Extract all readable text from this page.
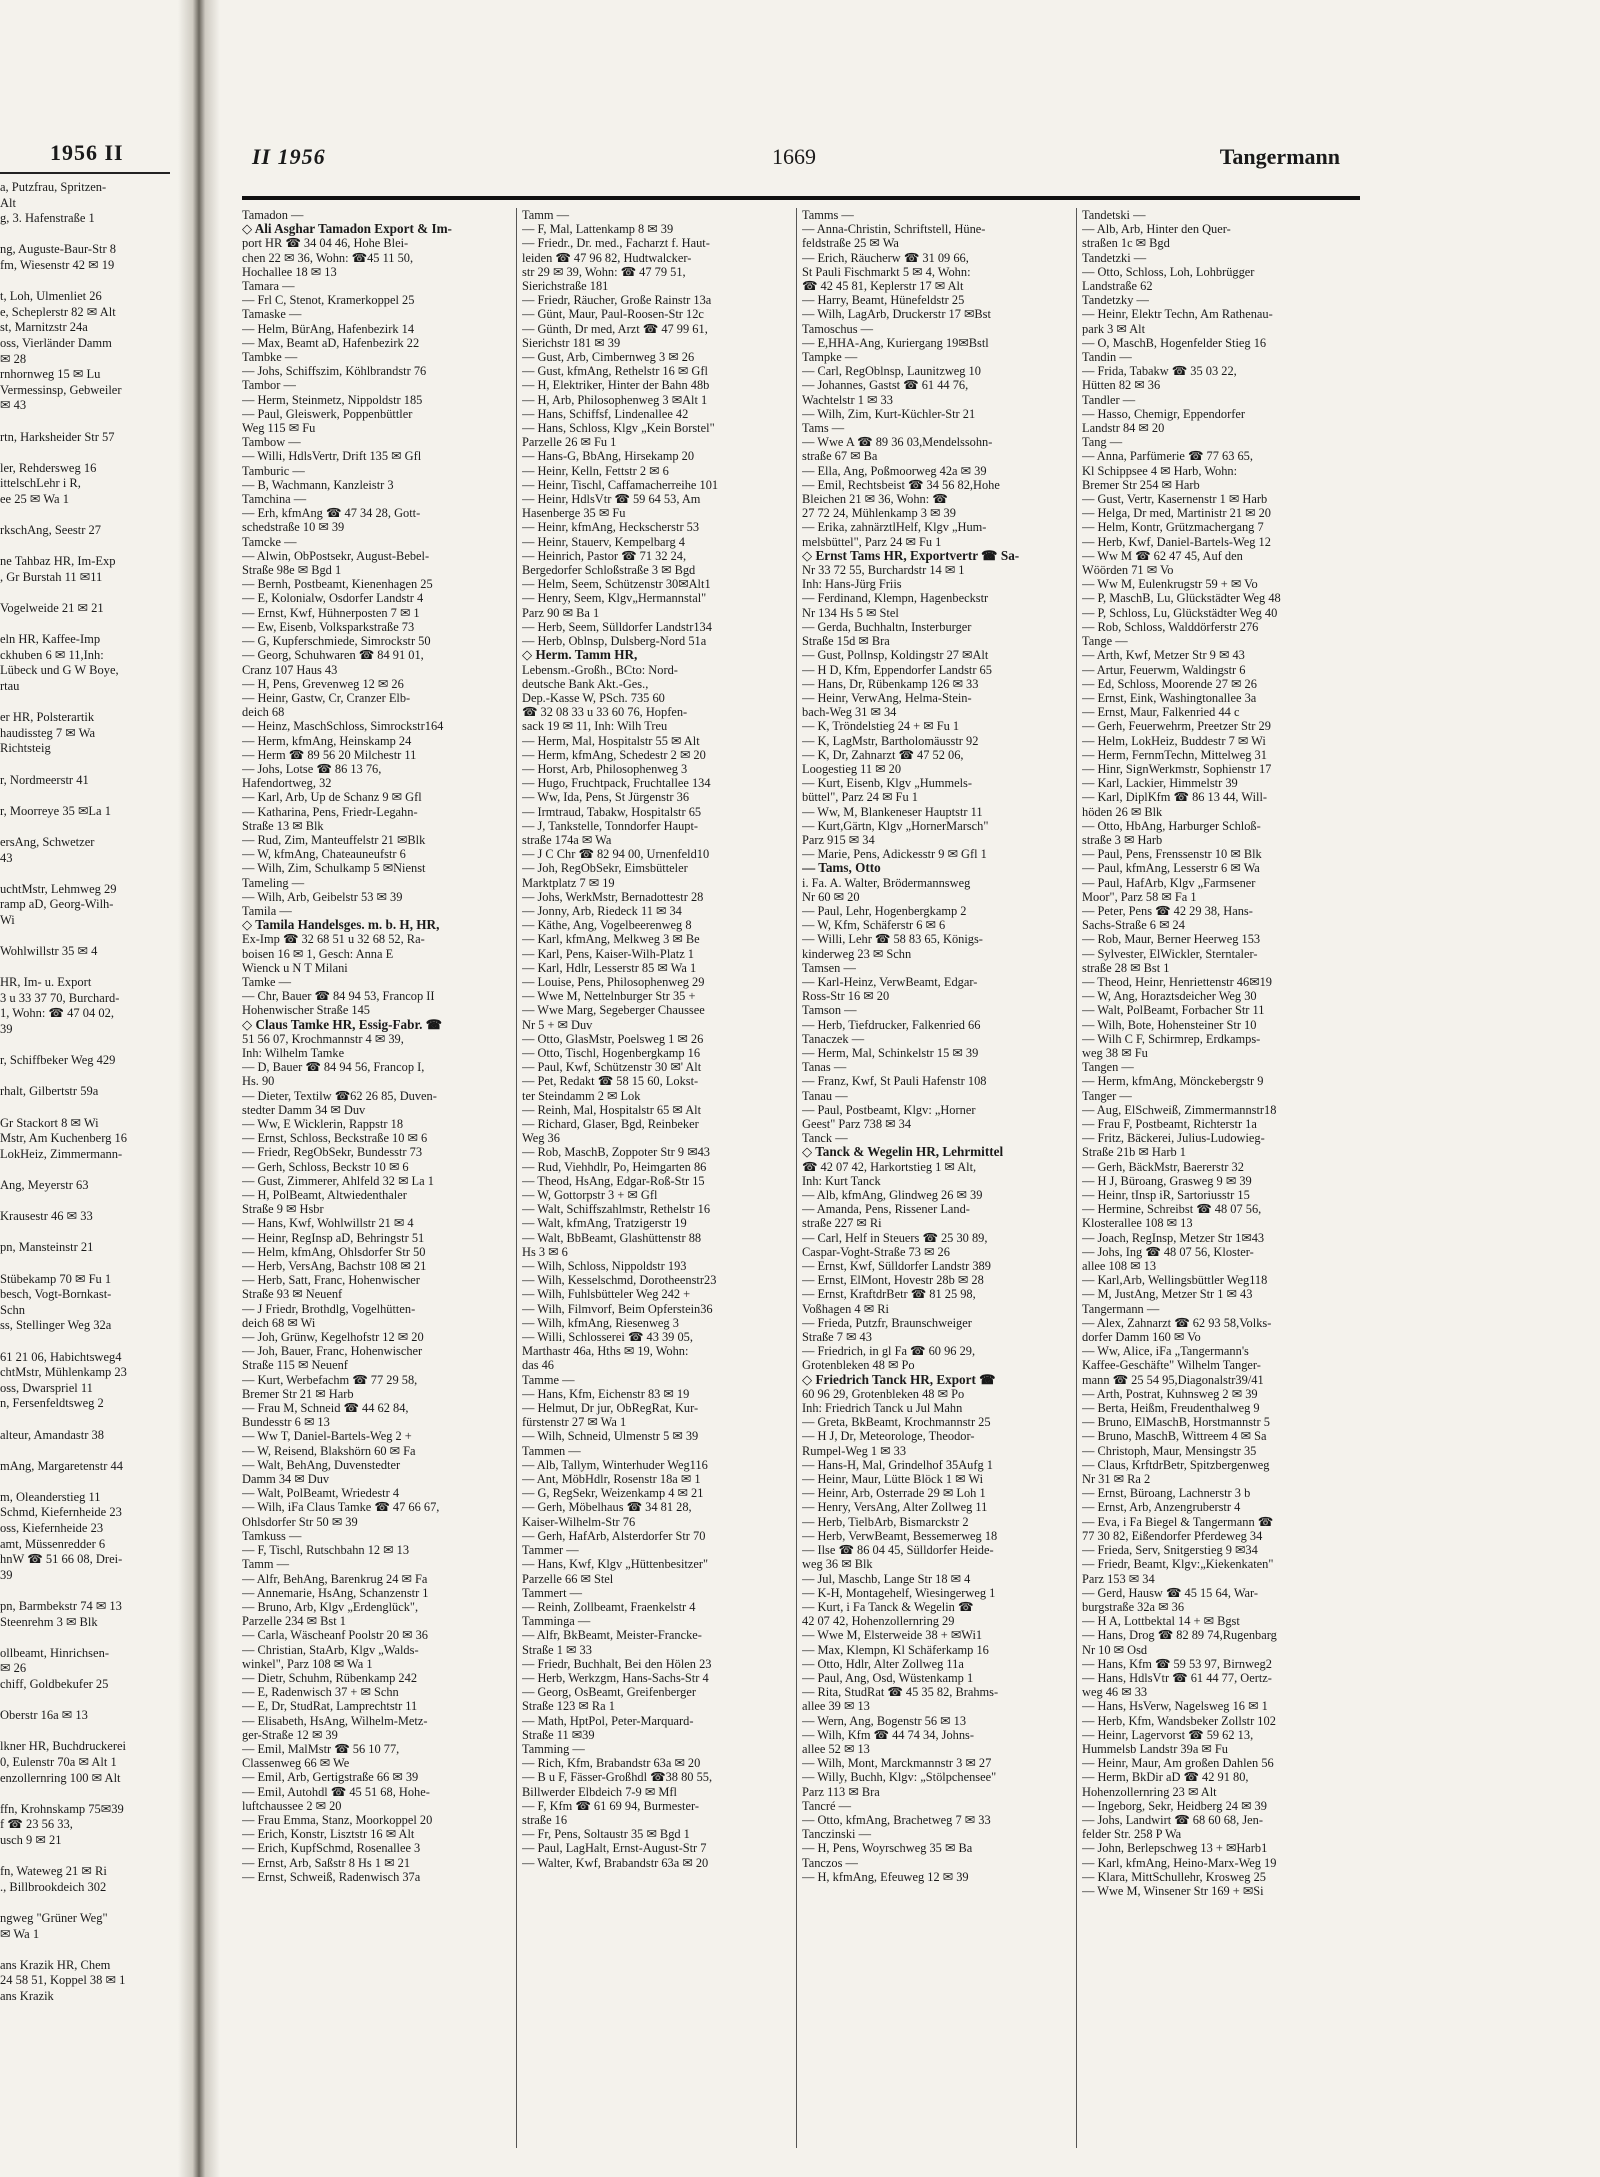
1956 II
a, Putzfrau, Spritzen-
Alt
g, 3. Hafenstraße 1

ng, Auguste-Baur-Str 8
fm, Wiesenstr 42 ✉ 19

t, Loh, Ulmenliet 26
e, Scheplerstr 82 ✉ Alt
st, Marnitzstr 24a
oss, Vierländer Damm
✉ 28
rnhornweg 15 ✉ Lu
Vermessinsp, Gebweiler
✉ 43

rtn, Harksheider Str 57

ler, Rehdersweg 16
ittelschLehr i R,
ee 25 ✉ Wa 1

rkschAng, Seestr 27

ne Tahbaz HR, Im-Exp
, Gr Burstah 11 ✉11

Vogelweide 21 ✉ 21

eln HR, Kaffee-Imp
ckhuben 6 ✉ 11,Inh:
Lübeck und G W Boye,
rtau

er HR, Polsterartik
haudissteg 7 ✉ Wa
Richtsteig

r, Nordmeerstr 41

r, Moorreye 35 ✉La 1

ersAng, Schwetzer
43

uchtMstr, Lehmweg 29
ramp aD, Georg-Wilh-
Wi

Wohlwillstr 35 ✉ 4

HR, Im- u. Export
3 u 33 37 70, Burchard-
1, Wohn: ☎ 47 04 02,
39

r, Schiffbeker Weg 429

rhalt, Gilbertstr 59a

Gr Stackort 8 ✉ Wi
Mstr, Am Kuchenberg 16
LokHeiz, Zimmermann-

Ang, Meyerstr 63

Krausestr 46 ✉ 33

pn, Mansteinstr 21

Stübekamp 70 ✉ Fu 1
besch, Vogt-Bornkast-
Schn
ss, Stellinger Weg 32a

61 21 06, Habichtsweg4
chtMstr, Mühlenkamp 23
oss, Dwarspriel 11
n, Fersenfeldtsweg 2

alteur, Amandastr 38

mAng, Margaretenstr 44

m, Oleanderstieg 11
Schmd, Kiefernheide 23
oss, Kiefernheide 23
amt, Müssenredder 6
hnW ☎ 51 66 08, Drei-
39

pn, Barmbekstr 74 ✉ 13
Steenrehm 3 ✉ Blk

ollbeamt, Hinrichsen-
✉ 26
chiff, Goldbekufer 25

Oberstr 16a ✉ 13

lkner HR, Buchdruckerei
0, Eulenstr 70a ✉ Alt 1
enzollernring 100 ✉ Alt

ffn, Krohnskamp 75✉39
f ☎ 23 56 33,
usch 9 ✉ 21

fn, Wateweg 21 ✉ Ri
., Billbrookdeich 302

ngweg "Grüner Weg"
✉ Wa 1

ans Krazik HR, Chem
24 58 51, Koppel 38 ✉ 1
ans Krazik
II 1956	1669	Tangermann
Tamadon —
◇ Ali Asghar Tamadon Export & Im-
port HR ☎ 34 04 46, Hohe Blei-
chen 22 ✉ 36, Wohn: ☎45 11 50,
Hochallee 18 ✉ 13
Tamara —
— Frl C, Stenot, Kramerkoppel 25
Tamaske —
— Helm, BürAng, Hafenbezirk 14
— Max, Beamt aD, Hafenbezirk 22
Tambke —
— Johs, Schiffszim, Köhlbrandstr 76
Tambor —
— Herm, Steinmetz, Nippoldstr 185
— Paul, Gleiswerk, Poppenbüttler
Weg 115 ✉ Fu
Tambow —
— Willi, HdlsVertr, Drift 135 ✉ Gfl
Tamburic —
— B, Wachmann, Kanzleistr 3
Tamchina —
— Erh, kfmAng ☎ 47 34 28, Gott-
schedstraße 10 ✉ 39
Tamcke —
— Alwin, ObPostsekr, August-Bebel-
Straße 98e ✉ Bgd 1
— Bernh, Postbeamt, Kienenhagen 25
— E, Kolonialw, Osdorfer Landstr 4
— Ernst, Kwf, Hühnerposten 7 ✉ 1
— Ew, Eisenb, Volksparkstraße 73
— G, Kupferschmiede, Simrockstr 50
— Georg, Schuhwaren ☎ 84 91 01,
Cranz 107 Haus 43
— H, Pens, Grevenweg 12 ✉ 26
— Heinr, Gastw, Cr, Cranzer Elb-
deich 68
— Heinz, MaschSchloss, Simrockstr164
— Herm, kfmAng, Heinskamp 24
— Herm ☎ 89 56 20 Milchestr 11
— Johs, Lotse ☎ 86 13 76,
Hafendortweg, 32
— Karl, Arb, Up de Schanz 9 ✉ Gfl
— Katharina, Pens, Friedr-Legahn-
Straße 13 ✉ Blk
— Rud, Zim, Manteuffelstr 21 ✉Blk
— W, kfmAng, Chateauneufstr 6
— Wilh, Zim, Schulkamp 5 ✉Nienst
Tameling —
— Wilh, Arb, Geibelstr 53 ✉ 39
Tamila —
◇ Tamila Handelsges. m. b. H, HR,
Ex-Imp ☎ 32 68 51 u 32 68 52, Ra-
boisen 16 ✉ 1, Gesch: Anna E
Wienck u N T Milani
Tamke —
— Chr, Bauer ☎ 84 94 53, Francop II
Hohenwischer Straße 145
◇ Claus Tamke HR, Essig-Fabr. ☎
51 56 07, Krochmannstr 4 ✉ 39,
Inh: Wilhelm Tamke
— D, Bauer ☎ 84 94 56, Francop I,
Hs. 90
— Dieter, Textilw ☎62 26 85, Duven-
stedter Damm 34 ✉ Duv
— Ww, E Wicklerin, Rappstr 18
— Ernst, Schloss, Beckstraße 10 ✉ 6
— Friedr, RegObSekr, Bundesstr 73
— Gerh, Schloss, Beckstr 10 ✉ 6
— Gust, Zimmerer, Ahlfeld 32 ✉ La 1
— H, PolBeamt, Altwiedenthaler
Straße 9 ✉ Hsbr
— Hans, Kwf, Wohlwillstr 21 ✉ 4
— Heinr, RegInsp aD, Behringstr 51
— Helm, kfmAng, Ohlsdorfer Str 50
— Herb, VersAng, Bachstr 108 ✉ 21
— Herb, Satt, Franc, Hohenwischer
Straße 93 ✉ Neuenf
— J Friedr, Brothdlg, Vogelhütten-
deich 68 ✉ Wi
— Joh, Grünw, Kegelhofstr 12 ✉ 20
— Joh, Bauer, Franc, Hohenwischer
Straße 115 ✉ Neuenf
— Kurt, Werbefachm ☎ 77 29 58,
Bremer Str 21 ✉ Harb
— Frau M, Schneid ☎ 44 62 84,
Bundesstr 6 ✉ 13
— Ww T, Daniel-Bartels-Weg 2 +
— W, Reisend, Blakshörn 60 ✉ Fa
— Walt, BehAng, Duvenstedter
Damm 34 ✉ Duv
— Walt, PolBeamt, Wriedestr 4
— Wilh, iFa Claus Tamke ☎ 47 66 67,
Ohlsdorfer Str 50 ✉ 39
Tamkuss —
— F, Tischl, Rutschbahn 12 ✉ 13
Tamm —
— Alfr, BehAng, Barenkrug 24 ✉ Fa
— Annemarie, HsAng, Schanzenstr 1
— Bruno, Arb, Klgv „Erdenglück",
Parzelle 234 ✉ Bst 1
— Carla, Wäscheanf Poolstr 20 ✉ 36
— Christian, StaArb, Klgv „Walds-
winkel", Parz 108 ✉ Wa 1
— Dietr, Schuhm, Rübenkamp 242
— E, Radenwisch 37 + ✉ Schn
— E, Dr, StudRat, Lamprechtstr 11
— Elisabeth, HsAng, Wilhelm-Metz-
ger-Straße 12 ✉ 39
— Emil, MalMstr ☎ 56 10 77,
Classenweg 66 ✉ We
— Emil, Arb, Gertigstraße 66 ✉ 39
— Emil, Autohdl ☎ 45 51 68, Hohe-
luftchaussee 2 ✉ 20
— Frau Emma, Stanz, Moorkoppel 20
— Erich, Konstr, Lisztstr 16 ✉ Alt
— Erich, KupfSchmd, Rosenallee 3
— Ernst, Arb, Saßstr 8 Hs 1 ✉ 21
— Ernst, Schweiß, Radenwisch 37a
Tamm —
— F, Mal, Lattenkamp 8 ✉ 39
— Friedr., Dr. med., Facharzt f. Haut-
leiden ☎ 47 96 82, Hudtwalcker-
str 29 ✉ 39, Wohn: ☎ 47 79 51,
Sierichstraße 181
— Friedr, Räucher, Große Rainstr 13a
— Günt, Maur, Paul-Roosen-Str 12c
— Günth, Dr med, Arzt ☎ 47 99 61,
Sierichstr 181 ✉ 39
— Gust, Arb, Cimbernweg 3 ✉ 26
— Gust, kfmAng, Rethelstr 16 ✉ Gfl
— H, Elektriker, Hinter der Bahn 48b
— H, Arb, Philosophenweg 3 ✉Alt 1
— Hans, Schiffsf, Lindenallee 42
— Hans, Schloss, Klgv „Kein Borstel"
Parzelle 26 ✉ Fu 1
— Hans-G, BbAng, Hirsekamp 20
— Heinr, Kelln, Fettstr 2 ✉ 6
— Heinr, Tischl, Caffamacherreihe 101
— Heinr, HdlsVtr ☎ 59 64 53, Am
Hasenberge 35 ✉ Fu
— Heinr, kfmAng, Heckscherstr 53
— Heinr, Stauerv, Kempelbarg 4
— Heinrich, Pastor ☎ 71 32 24,
Bergedorfer Schloßstraße 3 ✉ Bgd
— Helm, Seem, Schützenstr 30✉Alt1
— Henry, Seem, Klgv„Hermannstal"
Parz 90 ✉ Ba 1
— Herb, Seem, Sülldorfer Landstr134
— Herb, Oblnsp, Dulsberg-Nord 51a
◇ Herm. Tamm HR,
Lebensm.-Großh., BCto: Nord-
deutsche Bank Akt.-Ges.,
Dep.-Kasse W, PSch. 735 60
☎ 32 08 33 u 33 60 76, Hopfen-
sack 19 ✉ 11, Inh: Wilh Treu
— Herm, Mal, Hospitalstr 55 ✉ Alt
— Herm, kfmAng, Schedestr 2 ✉ 20
— Horst, Arb, Philosophenweg 3
— Hugo, Fruchtpack, Fruchtallee 134
— Ww, Ida, Pens, St Jürgenstr 36
— Irmtraud, Tabakw, Hospitalstr 65
— J, Tankstelle, Tonndorfer Haupt-
straße 174a ✉ Wa
— J C Chr ☎ 82 94 00, Urnenfeld10
— Joh, RegObSekr, Eimsbütteler
Marktplatz 7 ✉ 19
— Johs, WerkMstr, Bernadottestr 28
— Jonny, Arb, Riedeck 11 ✉ 34
— Käthe, Ang, Vogelbeerenweg 8
— Karl, kfmAng, Melkweg 3 ✉ Be
— Karl, Pens, Kaiser-Wilh-Platz 1
— Karl, Hdlr, Lesserstr 85 ✉ Wa 1
— Louise, Pens, Philosophenweg 29
— Wwe M, Nettelnburger Str 35 +
— Wwe Marg, Segeberger Chaussee
Nr 5 + ✉ Duv
— Otto, GlasMstr, Poelsweg 1 ✉ 26
— Otto, Tischl, Hogenbergkamp 16
— Paul, Kwf, Schützenstr 30 ✉' Alt
— Pet, Redakt ☎ 58 15 60, Lokst-
ter Steindamm 2 ✉ Lok
— Reinh, Mal, Hospitalstr 65 ✉ Alt
— Richard, Glaser, Bgd, Reinbeker
Weg 36
— Rob, MaschB, Zoppoter Str 9 ✉43
— Rud, Viehhdlr, Po, Heimgarten 86
— Theod, HsAng, Edgar-Roß-Str 15
— W, Gottorpstr 3 + ✉ Gfl
— Walt, Schiffszahlmstr, Rethelstr 16
— Walt, kfmAng, Tratzigerstr 19
— Walt, BbBeamt, Glashüttenstr 88
Hs 3 ✉ 6
— Wilh, Schloss, Nippoldstr 193
— Wilh, Kesselschmd, Dorotheenstr23
— Wilh, Fuhlsbütteler Weg 242 +
— Wilh, Filmvorf, Beim Opferstein36
— Wilh, kfmAng, Riesenweg 3
— Willi, Schlosserei ☎ 43 39 05,
Marthastr 46a, Hths ✉ 19, Wohn:
das 46
Tamme —
— Hans, Kfm, Eichenstr 83 ✉ 19
— Helmut, Dr jur, ObRegRat, Kur-
fürstenstr 27 ✉ Wa 1
— Wilh, Schneid, Ulmenstr 5 ✉ 39
Tammen —
— Alb, Tallym, Winterhuder Weg116
— Ant, MöbHdlr, Rosenstr 18a ✉ 1
— G, RegSekr, Weizenkamp 4 ✉ 21
— Gerh, Möbelhaus ☎ 34 81 28,
Kaiser-Wilhelm-Str 76
— Gerh, HafArb, Alsterdorfer Str 70
Tammer —
— Hans, Kwf, Klgv „Hüttenbesitzer"
Parzelle 66 ✉ Stel
Tammert —
— Reinh, Zollbeamt, Fraenkelstr 4
Tamminga —
— Alfr, BkBeamt, Meister-Francke-
Straße 1 ✉ 33
— Friedr, Buchhalt, Bei den Hölen 23
— Herb, Werkzgm, Hans-Sachs-Str 4
— Georg, OsBeamt, Greifenberger
Straße 123 ✉ Ra 1
— Math, HptPol, Peter-Marquard-
Straße 11 ✉39
Tamming —
— Rich, Kfm, Brabandstr 63a ✉ 20
— B u F, Fässer-Großhdl ☎38 80 55,
Billwerder Elbdeich 7-9 ✉ Mfl
— F, Kfm ☎ 61 69 94, Burmester-
straße 16
— Fr, Pens, Soltaustr 35 ✉ Bgd 1
— Paul, LagHalt, Ernst-August-Str 7
— Walter, Kwf, Brabandstr 63a ✉ 20
Tamms —
— Anna-Christin, Schriftstell, Hüne-
feldstraße 25 ✉ Wa
— Erich, Räucherw ☎ 31 09 66,
St Pauli Fischmarkt 5 ✉ 4, Wohn:
☎ 42 45 81, Keplerstr 17 ✉ Alt
— Harry, Beamt, Hünefeldstr 25
— Wilh, LagArb, Druckerstr 17 ✉Bst
Tamoschus —
— E,HHA-Ang, Kuriergang 19✉Bstl
Tampke —
— Carl, RegOblnsp, Launitzweg 10
— Johannes, Gastst ☎ 61 44 76,
Wachtelstr 1 ✉ 33
— Wilh, Zim, Kurt-Küchler-Str 21
Tams —
— Wwe A ☎ 89 36 03,Mendelssohn-
straße 67 ✉ Ba
— Ella, Ang, Poßmoorweg 42a ✉ 39
— Emil, Rechtsbeist ☎ 34 56 82,Hohe
Bleichen 21 ✉ 36, Wohn: ☎
27 72 24, Mühlenkamp 3 ✉ 39
— Erika, zahnärztlHelf, Klgv „Hum-
melsbüttel", Parz 24 ✉ Fu 1
◇ Ernst Tams HR, Exportvertr ☎ Sa-
Nr 33 72 55, Burchardstr 14 ✉ 1
Inh: Hans-Jürg Friis
— Ferdinand, Klempn, Hagenbeckstr
Nr 134 Hs 5 ✉ Stel
— Gerda, Buchhaltn, Insterburger
Straße 15d ✉ Bra
— Gust, Pollnsp, Koldingstr 27 ✉Alt
— H D, Kfm, Eppendorfer Landstr 65
— Hans, Dr, Rübenkamp 126 ✉ 33
— Heinr, VerwAng, Helma-Stein-
bach-Weg 31 ✉ 34
— K, Tröndelstieg 24 + ✉ Fu 1
— K, LagMstr, Bartholomäusstr 92
— K, Dr, Zahnarzt ☎ 47 52 06,
Loogestieg 11 ✉ 20
— Kurt, Eisenb, Klgv „Hummels-
büttel", Parz 24 ✉ Fu 1
— Ww, M, Blankeneser Hauptstr 11
— Kurt,Gärtn, Klgv „HornerMarsch"
Parz 915 ✉ 34
— Marie, Pens, Adickesstr 9 ✉ Gfl 1
— Tams, Otto
i. Fa. A. Walter, Brödermannsweg
Nr 60 ✉ 20
— Paul, Lehr, Hogenbergkamp 2
— W, Kfm, Schäferstr 6 ✉ 6
— Willi, Lehr ☎ 58 83 65, Königs-
kinderweg 23 ✉ Schn
Tamsen —
— Karl-Heinz, VerwBeamt, Edgar-
Ross-Str 16 ✉ 20
Tamson —
— Herb, Tiefdrucker, Falkenried 66
Tanaczek —
— Herm, Mal, Schinkelstr 15 ✉ 39
Tanas —
— Franz, Kwf, St Pauli Hafenstr 108
Tanau —
— Paul, Postbeamt, Klgv: „Horner
Geest" Parz 738 ✉ 34
Tanck —
◇ Tanck & Wegelin HR, Lehrmittel
☎ 42 07 42, Harkortstieg 1 ✉ Alt,
Inh: Kurt Tanck
— Alb, kfmAng, Glindweg 26 ✉ 39
— Amanda, Pens, Rissener Land-
straße 227 ✉ Ri
— Carl, Helf in Steuers ☎ 25 30 89,
Caspar-Voght-Straße 73 ✉ 26
— Ernst, Kwf, Sülldorfer Landstr 389
— Ernst, ElMont, Hovestr 28b ✉ 28
— Ernst, KraftdrBetr ☎ 81 25 98,
Voßhagen 4 ✉ Ri
— Frieda, Putzfr, Braunschweiger
Straße 7 ✉ 43
— Friedrich, in gl Fa ☎ 60 96 29,
Grotenbleken 48 ✉ Po
◇ Friedrich Tanck HR, Export ☎
60 96 29, Grotenbleken 48 ✉ Po
Inh: Friedrich Tanck u Jul Mahn
— Greta, BkBeamt, Krochmannstr 25
— H J, Dr, Meteorologe, Theodor-
Rumpel-Weg 1 ✉ 33
— Hans-H, Mal, Grindelhof 35Aufg 1
— Heinr, Maur, Lütte Blöck 1 ✉ Wi
— Heinr, Arb, Osterrade 29 ✉ Loh 1
— Henry, VersAng, Alter Zollweg 11
— Herb, TielbArb, Bismarckstr 2
— Herb, VerwBeamt, Bessemerweg 18
— Ilse ☎ 86 04 45, Sülldorfer Heide-
weg 36 ✉ Blk
— Jul, Maschb, Lange Str 18 ✉ 4
— K-H, Montagehelf, Wiesingerweg 1
— Kurt, i Fa Tanck & Wegelin ☎
42 07 42, Hohenzollernring 29
— Wwe M, Elsterweide 38 + ✉Wi1
— Max, Klempn, Kl Schäferkamp 16
— Otto, Hdlr, Alter Zollweg 11a
— Paul, Ang, Osd, Wüstenkamp 1
— Rita, StudRat ☎ 45 35 82, Brahms-
allee 39 ✉ 13
— Wern, Ang, Bogenstr 56 ✉ 13
— Wilh, Kfm ☎ 44 74 34, Johns-
allee 52 ✉ 13
— Wilh, Mont, Marckmannstr 3 ✉ 27
— Willy, Buchh, Klgv: „Stölpchensee"
Parz 113 ✉ Bra
Tancré —
— Otto, kfmAng, Brachetweg 7 ✉ 33
Tanczinski —
— H, Pens, Woyrschweg 35 ✉ Ba
Tanczos —
— H, kfmAng, Efeuweg 12 ✉ 39
Tandetski —
— Alb, Arb, Hinter den Quer-
straßen 1c ✉ Bgd
Tandetzki —
— Otto, Schloss, Loh, Lohbrügger
Landstraße 62
Tandetzky —
— Heinr, Elektr Techn, Am Rathenau-
park 3 ✉ Alt
— O, MaschB, Hogenfelder Stieg 16
Tandin —
— Frida, Tabakw ☎ 35 03 22,
Hütten 82 ✉ 36
Tandler —
— Hasso, Chemigr, Eppendorfer
Landstr 84 ✉ 20
Tang —
— Anna, Parfümerie ☎ 77 63 65,
Kl Schippsee 4 ✉ Harb, Wohn:
Bremer Str 254 ✉ Harb
— Gust, Vertr, Kasernenstr 1 ✉ Harb
— Helga, Dr med, Martinistr 21 ✉ 20
— Helm, Kontr, Grützmachergang 7
— Herb, Kwf, Daniel-Bartels-Weg 12
— Ww M ☎ 62 47 45, Auf den
Wöörden 71 ✉ Vo
— Ww M, Eulenkrugstr 59 + ✉ Vo
— P, MaschB, Lu, Glückstädter Weg 48
— P, Schloss, Lu, Glückstädter Weg 40
— Rob, Schloss, Walddörferstr 276
Tange —
— Arth, Kwf, Metzer Str 9 ✉ 43
— Artur, Feuerwm, Waldingstr 6
— Ed, Schloss, Moorende 27 ✉ 26
— Ernst, Eink, Washingtonallee 3a
— Ernst, Maur, Falkenried 44 c
— Gerh, Feuerwehrm, Preetzer Str 29
— Helm, LokHeiz, Buddestr 7 ✉ Wi
— Herm, FernmTechn, Mittelweg 31
— Hinr, SignWerkmstr, Sophienstr 17
— Karl, Lackier, Himmelstr 39
— Karl, DiplKfm ☎ 86 13 44, Will-
höden 26 ✉ Blk
— Otto, HbAng, Harburger Schloß-
straße 3 ✉ Harb
— Paul, Pens, Frenssenstr 10 ✉ Blk
— Paul, kfmAng, Lesserstr 6 ✉ Wa
— Paul, HafArb, Klgv „Farmsener
Moor", Parz 58 ✉ Fa 1
— Peter, Pens ☎ 42 29 38, Hans-
Sachs-Straße 6 ✉ 24
— Rob, Maur, Berner Heerweg 153
— Sylvester, ElWickler, Sterntaler-
straße 28 ✉ Bst 1
— Theod, Heinr, Henriettenstr 46✉19
— W, Ang, Horaztsdeicher Weg 30
— Walt, PolBeamt, Forbacher Str 11
— Wilh, Bote, Hohensteiner Str 10
— Wilh C F, Schirmrep, Erdkamps-
weg 38 ✉ Fu
Tangen —
— Herm, kfmAng, Mönckebergstr 9
Tanger —
— Aug, ElSchweiß, Zimmermannstr18
— Frau F, Postbeamt, Richterstr 1a
— Fritz, Bäckerei, Julius-Ludowieg-
Straße 21b ✉ Harb 1
— Gerh, BäckMstr, Baererstr 32
— H J, Büroang, Grasweg 9 ✉ 39
— Heinr, tInsp iR, Sartoriusstr 15
— Hermine, Schreibst ☎ 48 07 56,
Klosterallee 108 ✉ 13
— Joach, RegInsp, Metzer Str 1✉43
— Johs, Ing ☎ 48 07 56, Kloster-
allee 108 ✉ 13
— Karl,Arb, Wellingsbüttler Weg118
— M, JustAng, Metzer Str 1 ✉ 43
Tangermann —
— Alex, Zahnarzt ☎ 62 93 58,Volks-
dorfer Damm 160 ✉ Vo
— Ww, Alice, iFa „Tangermann's
Kaffee-Geschäfte" Wilhelm Tanger-
mann ☎ 25 54 95,Diagonalstr39/41
— Arth, Postrat, Kuhnsweg 2 ✉ 39
— Berta, Heißm, Freudenthalweg 9
— Bruno, ElMaschB, Horstmannstr 5
— Bruno, MaschB, Wittreem 4 ✉ Sa
— Christoph, Maur, Mensingstr 35
— Claus, KrftdrBetr, Spitzbergenweg
Nr 31 ✉ Ra 2
— Ernst, Büroang, Lachnerstr 3 b
— Ernst, Arb, Anzengruberstr 4
— Eva, i Fa Biegel & Tangermann ☎
77 30 82, Eißendorfer Pferdeweg 34
— Frieda, Serv, Snitgerstieg 9 ✉34
— Friedr, Beamt, Klgv:„Kiekenkaten"
Parz 153 ✉ 34
— Gerd, Hausw ☎ 45 15 64, War-
burgstraße 32a ✉ 36
— H A, Lottbektal 14 + ✉ Bgst
— Hans, Drog ☎ 82 89 74,Rugenbarg
Nr 10 ✉ Osd
— Hans, Kfm ☎ 59 53 97, Birnweg2
— Hans, HdlsVtr ☎ 61 44 77, Oertz-
weg 46 ✉ 33
— Hans, HsVerw, Nagelsweg 16 ✉ 1
— Herb, Kfm, Wandsbeker Zollstr 102
— Heinr, Lagervorst ☎ 59 62 13,
Hummelsb Landstr 39a ✉ Fu
— Heinr, Maur, Am großen Dahlen 56
— Herm, BkDir aD ☎ 42 91 80,
Hohenzollernring 23 ✉ Alt
— Ingeborg, Sekr, Heidberg 24 ✉ 39
— Johs, Landwirt ☎ 68 60 68, Jen-
felder Str. 258 P Wa
— John, Berlepschweg 13 + ✉Harb1
— Karl, kfmAng, Heino-Marx-Weg 19
— Klara, MittSchullehr, Krosweg 25
— Wwe M, Winsener Str 169 + ✉Si
